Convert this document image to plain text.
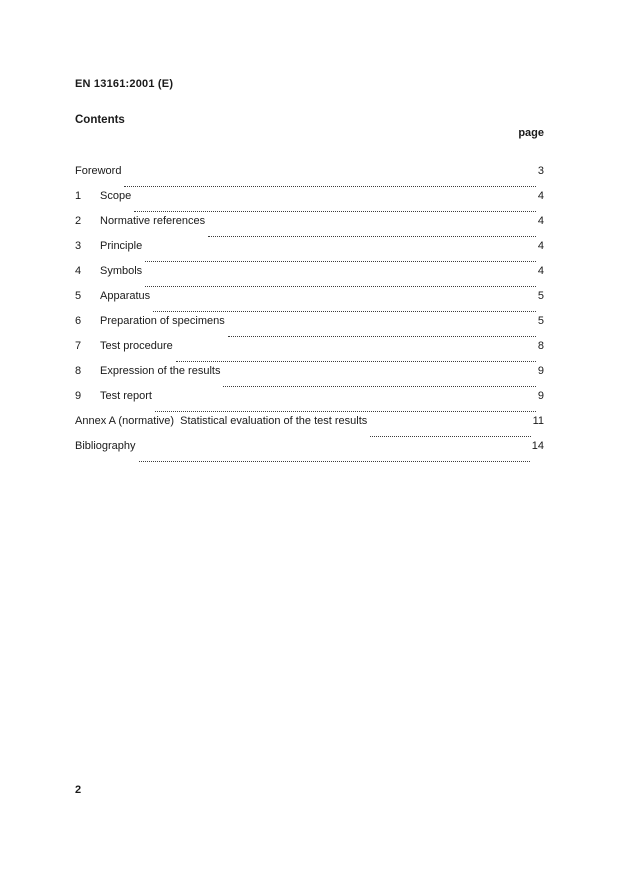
EN 13161:2001 (E)
Contents
page
Foreword	3
1	Scope	4
2	Normative references	4
3	Principle	4
4	Symbols	4
5	Apparatus	5
6	Preparation of specimens	5
7	Test procedure	8
8	Expression of the results	9
9	Test report	9
Annex A (normative)  Statistical evaluation of the test results	11
Bibliography	14
2
